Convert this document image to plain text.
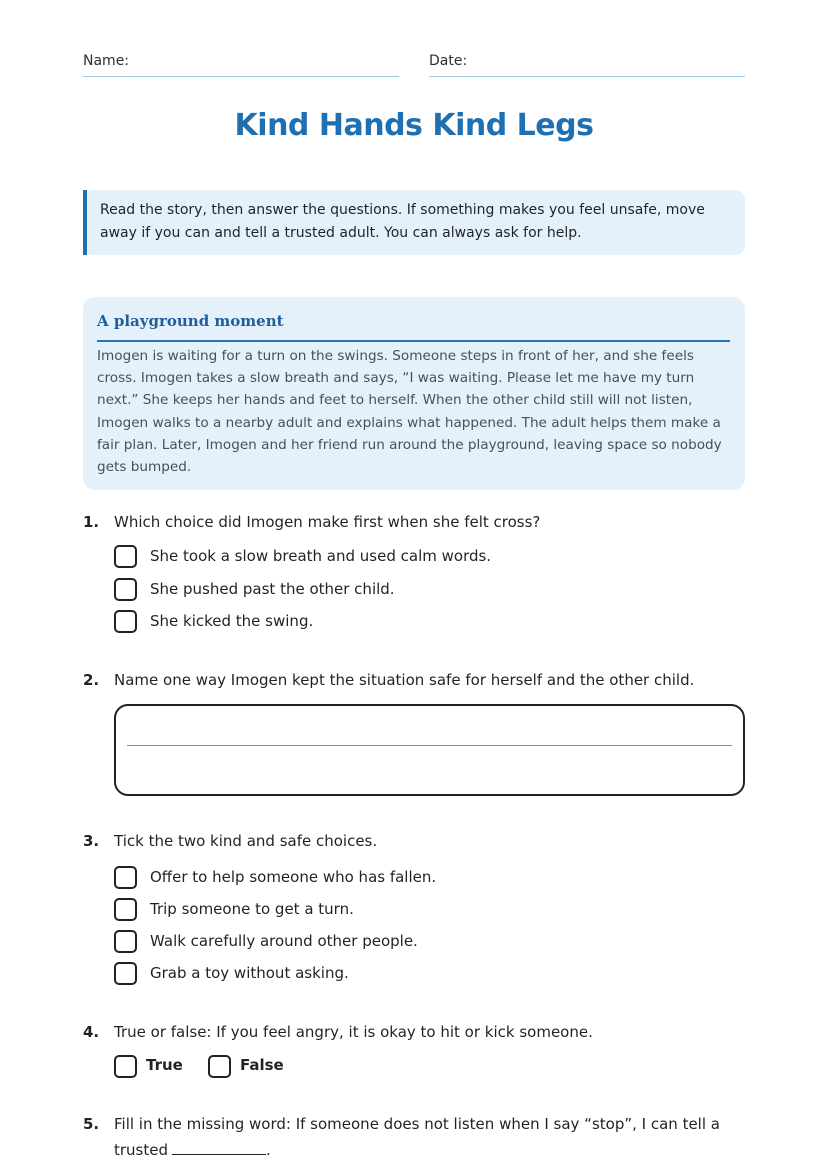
Name:	Date:
Kind Hands Kind Legs
Read the story, then answer the questions. If something makes you feel unsafe, move away if you can and tell a trusted adult. You can always ask for help.
A playground moment
Imogen is waiting for a turn on the swings. Someone steps in front of her, and she feels cross. Imogen takes a slow breath and says, “I was waiting. Please let me have my turn next.” She keeps her hands and feet to herself. When the other child still will not listen, Imogen walks to a nearby adult and explains what happened. The adult helps them make a fair plan. Later, Imogen and her friend run around the playground, leaving space so nobody gets bumped.
1. Which choice did Imogen make first when she felt cross?
She took a slow breath and used calm words.
She pushed past the other child.
She kicked the swing.
2. Name one way Imogen kept the situation safe for herself and the other child.
3. Tick the two kind and safe choices.
Offer to help someone who has fallen.
Trip someone to get a turn.
Walk carefully around other people.
Grab a toy without asking.
4. True or false: If you feel angry, it is okay to hit or kick someone.
True	False
5. Fill in the missing word: If someone does not listen when I say “stop”, I can tell a
trusted	.
